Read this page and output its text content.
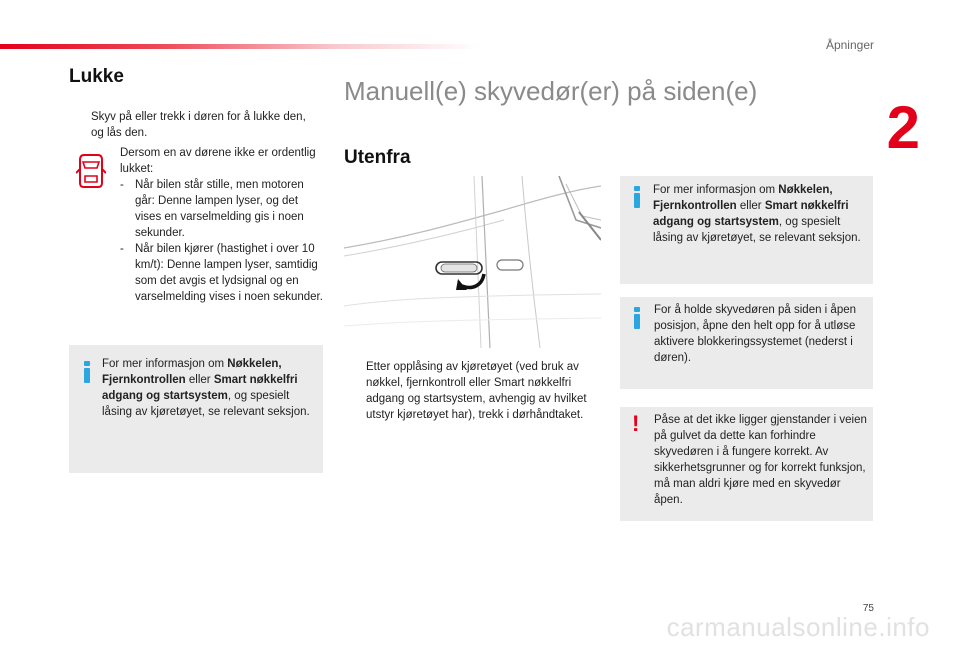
Åpninger
2
75
carmanualsonline.info
Lukke

Skyv på eller trekk i døren for å lukke den, og lås den.

Dersom en av dørene ikke er ordentlig lukket:
- Når bilen står stille, men motoren går: Denne lampen lyser, og det vises en varselmelding gis i noen sekunder.
- Når bilen kjører (hastighet i over 10 km/t): Denne lampen lyser, samtidig som det avgis et lydsignal og en varselmelding vises i noen sekunder.
For mer informasjon om Nøkkelen, Fjernkontrollen eller Smart nøkkelfri adgang og startsystem, og spesielt låsing av kjøretøyet, se relevant seksjon.
Manuell(e) skyvedør(er) på siden(e)
Utenfra

Etter opplåsing av kjøretøyet (ved bruk av nøkkel, fjernkontroll eller Smart nøkkelfri adgang og startsystem, avhengig av hvilket utstyr kjøretøyet har), trekk i dørhåndtaket.

For mer informasjon om Nøkkelen, Fjernkontrollen eller Smart nøkkelfri adgang og startsystem, og spesielt låsing av kjøretøyet, se relevant seksjon.
For å holde skyvedøren på siden i åpen posisjon, åpne den helt opp for å utløse aktivere blokkeringssystemet (nederst i døren).
! Påse at det ikke ligger gjenstander i veien på gulvet da dette kan forhindre skyvedøren i å fungere korrekt. Av sikkerhetsgrunner og for korrekt funksjon, må man aldri kjøre med en skyvedør åpen.
